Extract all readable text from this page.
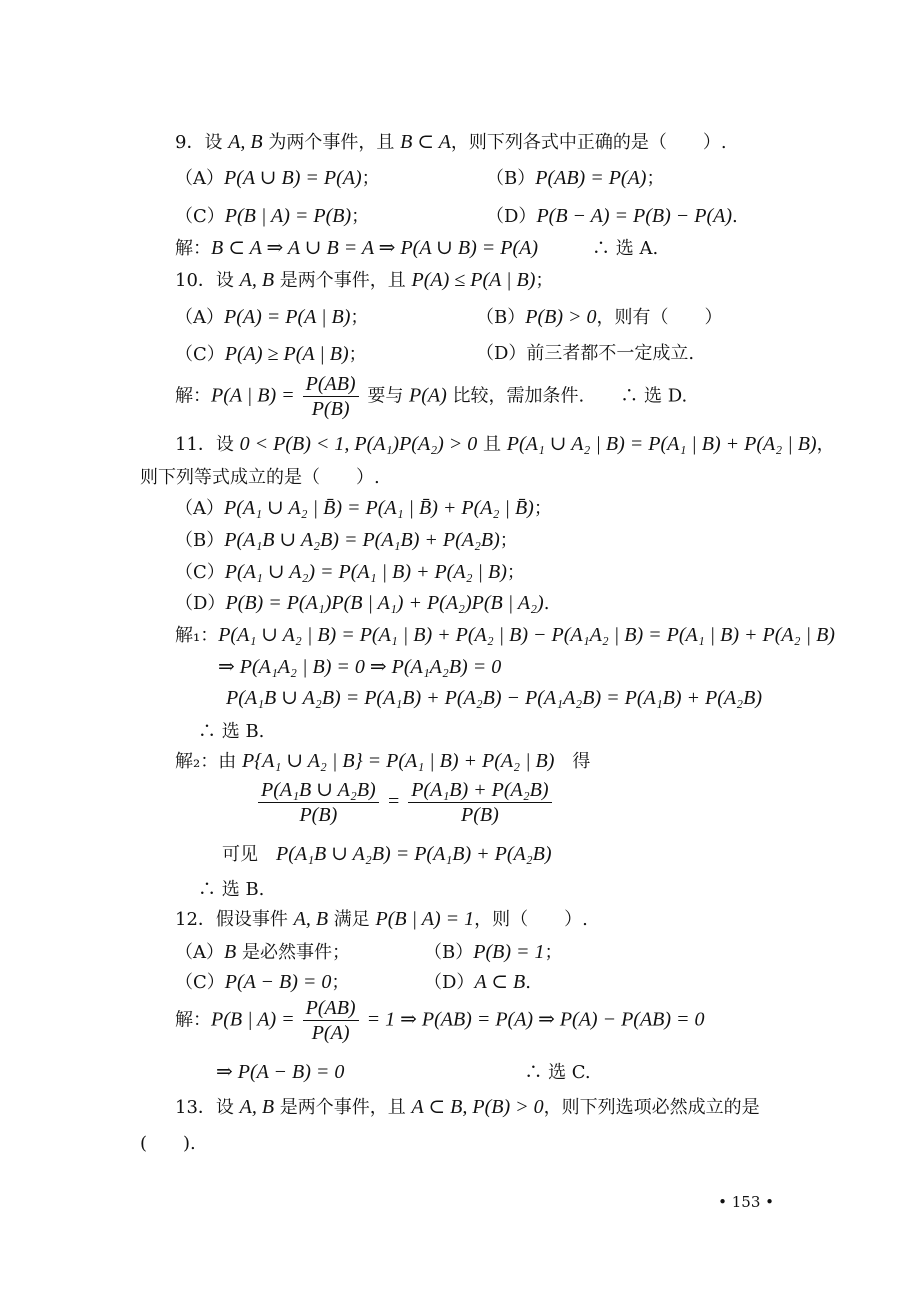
9．设 A, B 为两个事件，且 B ⊂ A，则下列各式中正确的是（　　）.
（A）P(A ∪ B) = P(A)；	（B）P(AB) = P(A)；
（C）P(B | A) = P(B)；	（D）P(B − A) = P(B) − P(A).
解：B ⊂ A ⇒ A ∪ B = A ⇒ P(A ∪ B) = P(A)　　　∴ 选 A.
10．设 A, B 是两个事件，且 P(A) ≤ P(A | B)；
（A）P(A) = P(A | B)；	（B）P(B) > 0，则有（　　）
（C）P(A) ≥ P(A | B)；	（D）前三者都不一定成立.
解：P(A | $B) = \frac{P(AB)}{P(B)}$ 要与 P(A) 比较，需加条件.　　∴ 选 D.
11．设 0 < P(B) < 1, P(A₁)P(A₂) > 0 且 P(A₁ ∪ A₂ | B) = P(A₁ | B) + P(A₂ | B)，
则下列等式成立的是（　　）.
（A）P(A₁ ∪ A₂ | B̄) = P(A₁ | B̄) + P(A₂ | B̄)；
（B）P(A₁B ∪ A₂B) = P(A₁B) + P(A₂B)；
（C）P(A₁ ∪ A₂) = P(A₁ | B) + P(A₂ | B)；
（D）P(B) = P(A₁)P(B | A₁) + P(A₂)P(B | A₂).
解₁：P(A₁ ∪ A₂ | B) = P(A₁ | B) + P(A₂ | B) − P(A₁A₂ | B) = P(A₁ | B) + P(A₂ | B)
⇒ P(A₁A₂ | B) = 0 ⇒ P(A₁A₂B) = 0
P(A₁B ∪ A₂B) = P(A₁B) + P(A₂B) − P(A₁A₂B) = P(A₁B) + P(A₂B)
∴ 选 B.
解₂：由 P{A₁ ∪ A₂ | B} = P(A₁ | B) + P(A₂ | B)　得
$\frac{\text{P(A₁B ∪ A₂B)}}{P(B)} = \frac{\text{P(A₁B) + P(A₂B)}}{P(B)}$
可见　P(A₁B ∪ A₂B) = P(A₁B) + P(A₂B)
∴ 选 B.
12．假设事件 A, B 满足 P(B | A) = 1，则（　　）.
（A）B 是必然事件；	（B）P(B) = 1；
（C）P(A − B) = 0；	（D）A ⊂ B.
解：P(B | $A) = \frac{P(AB)}{P(A)} = 1$ ⇒ P(AB) = P(A) ⇒ P(A) − P(AB) = 0
⇒ P(A − B) = 0　　　　　　　　　　∴ 选 C.
13．设 A, B 是两个事件，且 A ⊂ B, P(B) > 0，则下列选项必然成立的是
(　　).
• 153 •
